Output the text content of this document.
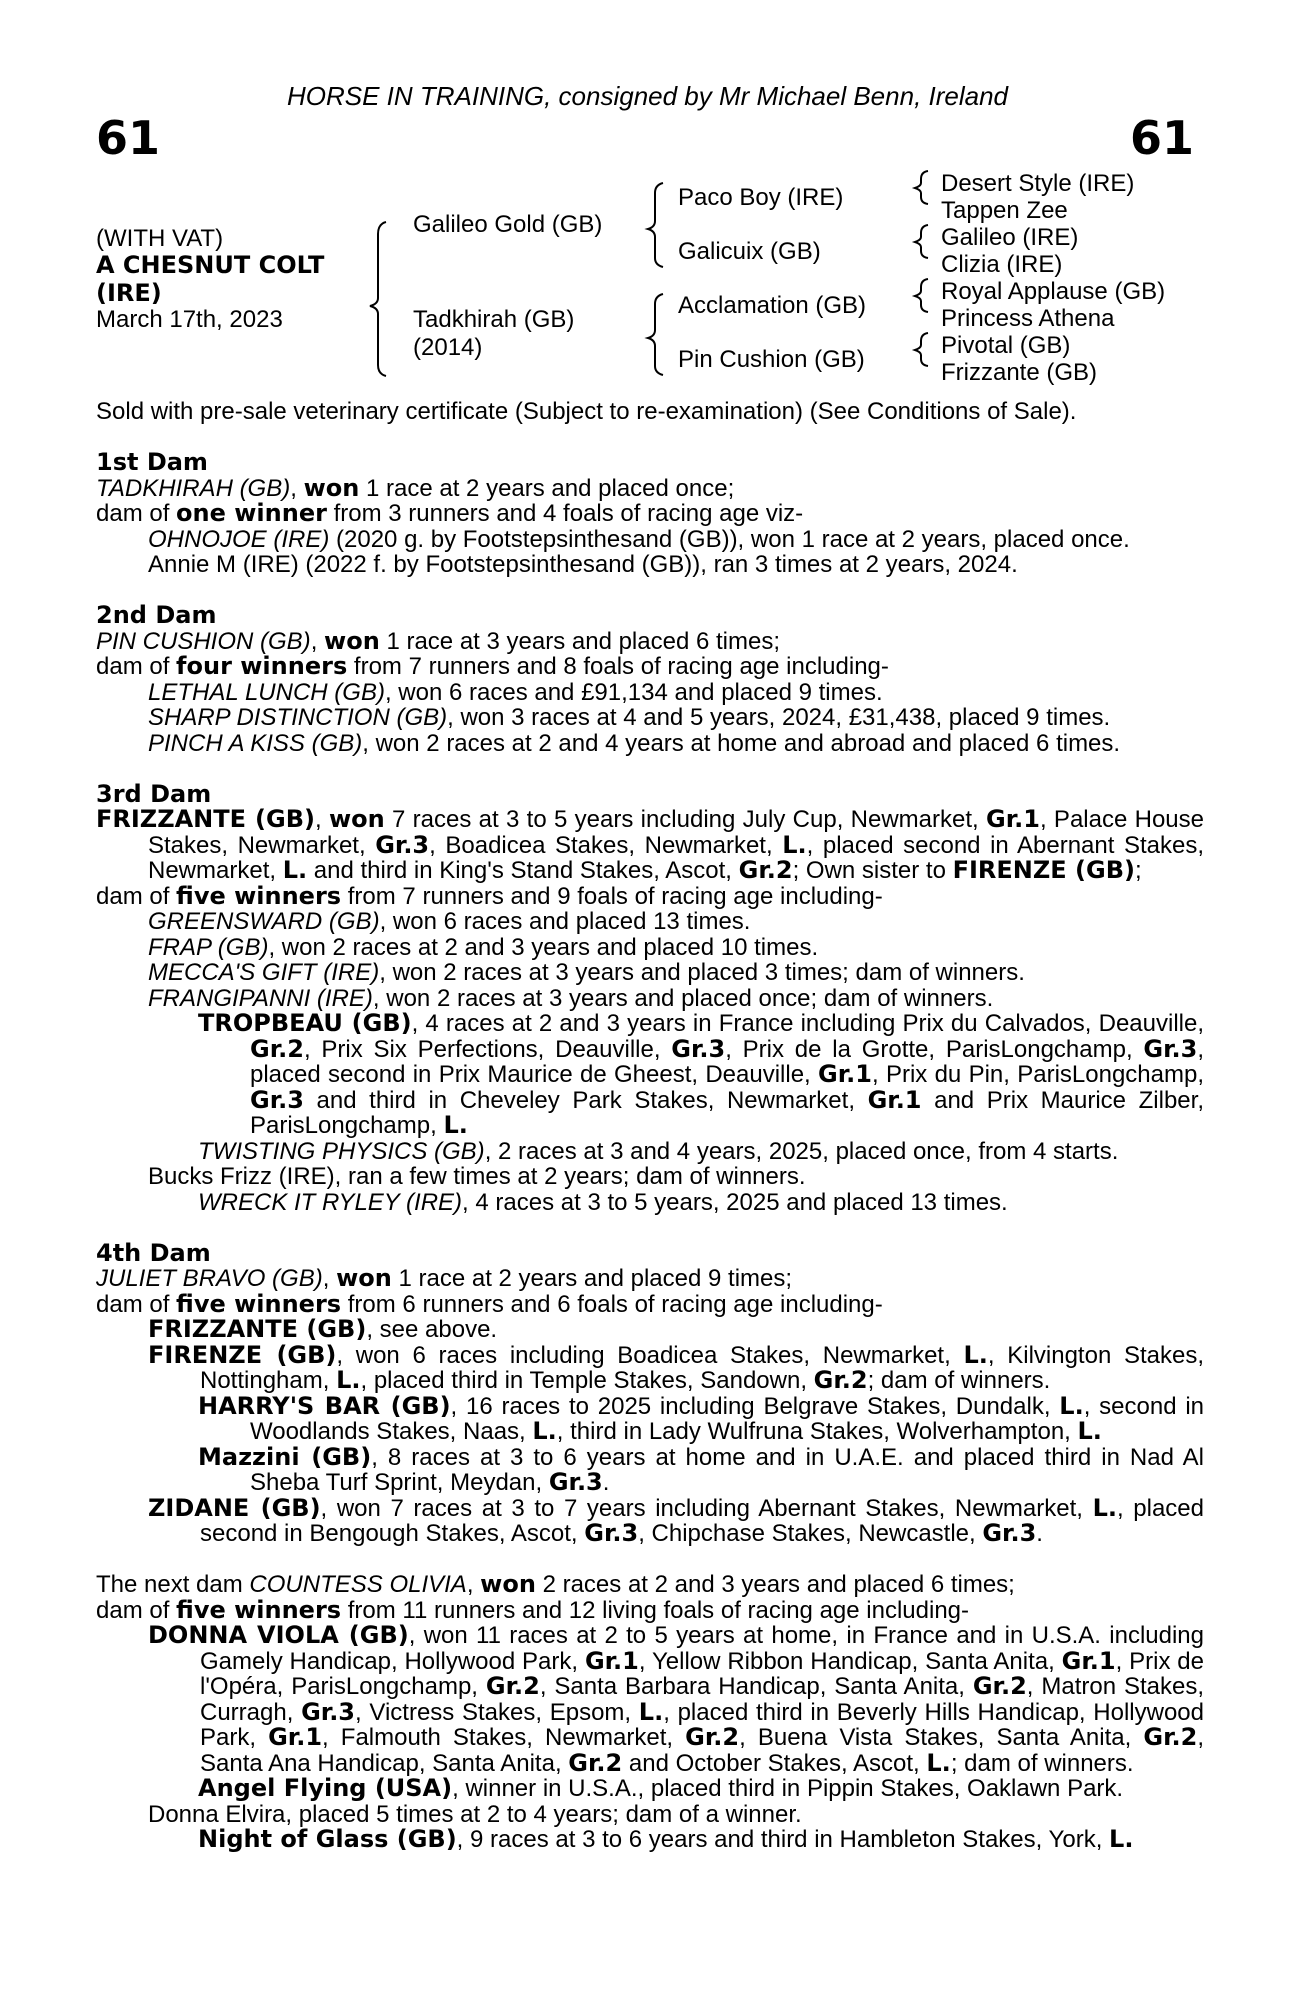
HORSE IN TRAINING, consigned by Mr Michael Benn, Ireland
61	61
(WITH VAT)
A CHESNUT COLT
(IRE)
March 17th, 2023
Galileo Gold (GB)
Tadkhirah (GB)
(2014)
Paco Boy (IRE)
Galicuix (GB)
Acclamation (GB)
Pin Cushion (GB)
Desert Style (IRE)
Tappen Zee
Galileo (IRE)
Clizia (IRE)
Royal Applause (GB)
Princess Athena
Pivotal (GB)
Frizzante (GB)

Sold with pre-sale veterinary certificate (Subject to re-examination) (See Conditions of Sale).

1st Dam

TADKHIRAH (GB), won 1 race at 2 years and placed once;

dam of one winner from 3 runners and 4 foals of racing age viz-

OHNOJOE (IRE) (2020 g. by Footstepsinthesand (GB)), won 1 race at 2 years, placed once.

Annie M (IRE) (2022 f. by Footstepsinthesand (GB)), ran 3 times at 2 years, 2024.

2nd Dam

PIN CUSHION (GB), won 1 race at 3 years and placed 6 times;

dam of four winners from 7 runners and 8 foals of racing age including-

LETHAL LUNCH (GB), won 6 races and £91,134 and placed 9 times.

SHARP DISTINCTION (GB), won 3 races at 4 and 5 years, 2024, £31,438, placed 9 times.

PINCH A KISS (GB), won 2 races at 2 and 4 years at home and abroad and placed 6 times.

3rd Dam

FRIZZANTE (GB), won 7 races at 3 to 5 years including July Cup, Newmarket, Gr.1, Palace House Stakes, Newmarket, Gr.3, Boadicea Stakes, Newmarket, L., placed second in Abernant Stakes, Newmarket, L. and third in King's Stand Stakes, Ascot, Gr.2; Own sister to FIRENZE (GB);

dam of five winners from 7 runners and 9 foals of racing age including-

GREENSWARD (GB), won 6 races and placed 13 times.

FRAP (GB), won 2 races at 2 and 3 years and placed 10 times.

MECCA'S GIFT (IRE), won 2 races at 3 years and placed 3 times; dam of winners.

FRANGIPANNI (IRE), won 2 races at 3 years and placed once; dam of winners.

TROPBEAU (GB), 4 races at 2 and 3 years in France including Prix du Calvados, Deauville, Gr.2, Prix Six Perfections, Deauville, Gr.3, Prix de la Grotte, ParisLongchamp, Gr.3, placed second in Prix Maurice de Gheest, Deauville, Gr.1, Prix du Pin, ParisLongchamp, Gr.3 and third in Cheveley Park Stakes, Newmarket, Gr.1 and Prix Maurice Zilber, ParisLongchamp, L.

TWISTING PHYSICS (GB), 2 races at 3 and 4 years, 2025, placed once, from 4 starts.

Bucks Frizz (IRE), ran a few times at 2 years; dam of winners.

WRECK IT RYLEY (IRE), 4 races at 3 to 5 years, 2025 and placed 13 times.

4th Dam

JULIET BRAVO (GB), won 1 race at 2 years and placed 9 times;

dam of five winners from 6 runners and 6 foals of racing age including-

FRIZZANTE (GB), see above.

FIRENZE (GB), won 6 races including Boadicea Stakes, Newmarket, L., Kilvington Stakes, Nottingham, L., placed third in Temple Stakes, Sandown, Gr.2; dam of winners.

HARRY'S BAR (GB), 16 races to 2025 including Belgrave Stakes, Dundalk, L., second in Woodlands Stakes, Naas, L., third in Lady Wulfruna Stakes, Wolverhampton, L.

Mazzini (GB), 8 races at 3 to 6 years at home and in U.A.E. and placed third in Nad Al Sheba Turf Sprint, Meydan, Gr.3.

ZIDANE (GB), won 7 races at 3 to 7 years including Abernant Stakes, Newmarket, L., placed second in Bengough Stakes, Ascot, Gr.3, Chipchase Stakes, Newcastle, Gr.3.

The next dam COUNTESS OLIVIA, won 2 races at 2 and 3 years and placed 6 times;

dam of five winners from 11 runners and 12 living foals of racing age including-

DONNA VIOLA (GB), won 11 races at 2 to 5 years at home, in France and in U.S.A. including Gamely Handicap, Hollywood Park, Gr.1, Yellow Ribbon Handicap, Santa Anita, Gr.1, Prix de l'Opéra, ParisLongchamp, Gr.2, Santa Barbara Handicap, Santa Anita, Gr.2, Matron Stakes, Curragh, Gr.3, Victress Stakes, Epsom, L., placed third in Beverly Hills Handicap, Hollywood Park, Gr.1, Falmouth Stakes, Newmarket, Gr.2, Buena Vista Stakes, Santa Anita, Gr.2, Santa Ana Handicap, Santa Anita, Gr.2 and October Stakes, Ascot, L.; dam of winners.

Angel Flying (USA), winner in U.S.A., placed third in Pippin Stakes, Oaklawn Park.

Donna Elvira, placed 5 times at 2 to 4 years; dam of a winner.

Night of Glass (GB), 9 races at 3 to 6 years and third in Hambleton Stakes, York, L.
